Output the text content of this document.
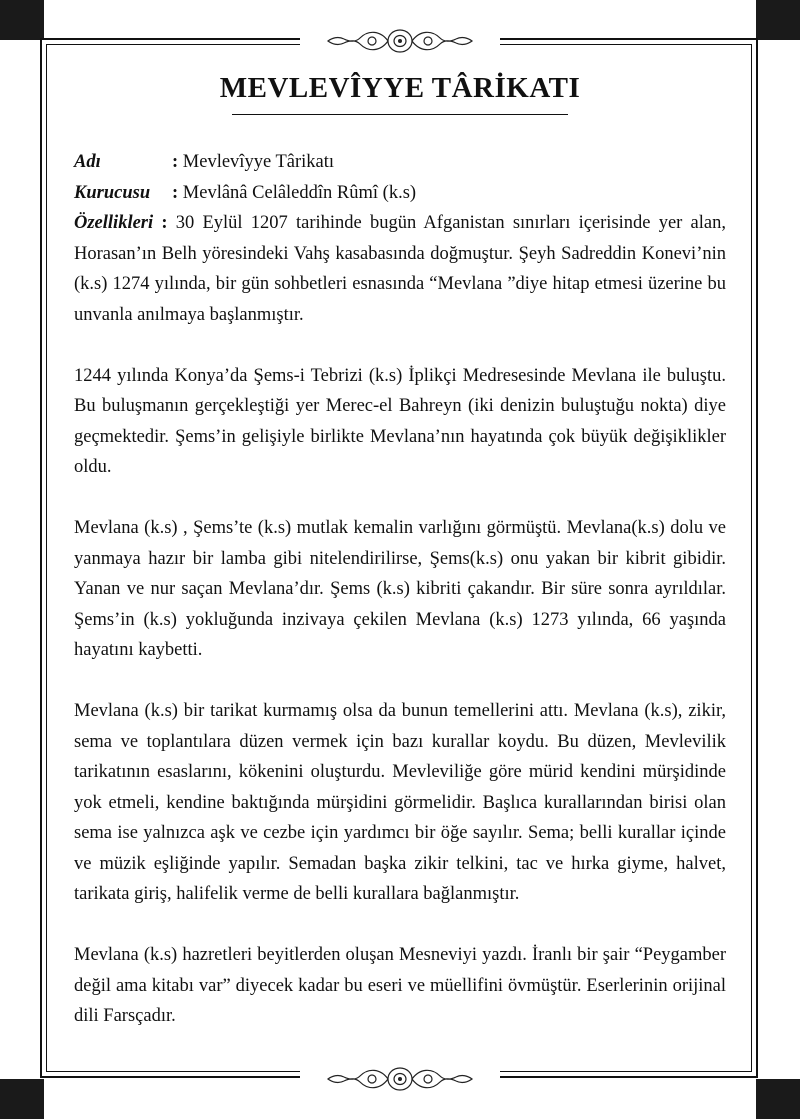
MEVLEVÎYYE TÂRİKATI

Adı	: Mevlevîyye Târikatı

Kurucusu : Mevlânâ Celâleddîn Rûmî (k.s)

Özellikleri : 30 Eylül 1207 tarihinde bugün Afganistan sınırları içerisinde yer alan, Horasan’ın Belh yöresindeki Vahş kasabasında doğmuştur. Şeyh Sadreddin Konevi’nin (k.s) 1274 yılında, bir gün sohbetleri esnasında “Mevlana ”diye hitap etmesi üzerine bu unvanla anılmaya başlanmıştır.

1244 yılında Konya’da Şems-i Tebrizi (k.s) İplikçi Medresesinde Mevlana ile buluştu. Bu buluşmanın gerçekleştiği yer Merec-el Bahreyn (iki denizin buluştuğu nokta) diye geçmektedir. Şems’in gelişiyle birlikte Mevlana’nın hayatında çok büyük değişiklikler oldu.

Mevlana (k.s) , Şems’te (k.s) mutlak kemalin varlığını görmüştü. Mevlana(k.s) dolu ve yanmaya hazır bir lamba gibi nitelendirilirse, Şems(k.s) onu yakan bir kibrit gibidir. Yanan ve nur saçan Mevlana’dır. Şems (k.s) kibriti çakandır. Bir süre sonra ayrıldılar. Şems’in (k.s) yokluğunda inzivaya çekilen Mevlana (k.s) 1273 yılında, 66 yaşında hayatını kaybetti.

Mevlana (k.s) bir tarikat kurmamış olsa da bunun temellerini attı. Mevlana (k.s), zikir, sema ve toplantılara düzen vermek için bazı kurallar koydu. Bu düzen, Mevlevilik tarikatının esaslarını, kökenini oluşturdu. Mevleviliğe göre mürid kendini mürşidinde yok etmeli, kendine baktığında mürşidini görmelidir. Başlıca kurallarından birisi olan sema ise yalnızca aşk ve cezbe için yardımcı bir öğe sayılır. Sema; belli kurallar içinde ve müzik eşliğinde yapılır. Semadan başka zikir telkini, tac ve hırka giyme, halvet, tarikata giriş, halifelik verme de belli kurallara bağlanmıştır.

Mevlana (k.s) hazretleri beyitlerden oluşan Mesneviyi yazdı. İranlı bir şair “Peygamber değil ama kitabı var” diyecek kadar bu eseri ve müellifini övmüştür. Eserlerinin orijinal dili Farsçadır.
